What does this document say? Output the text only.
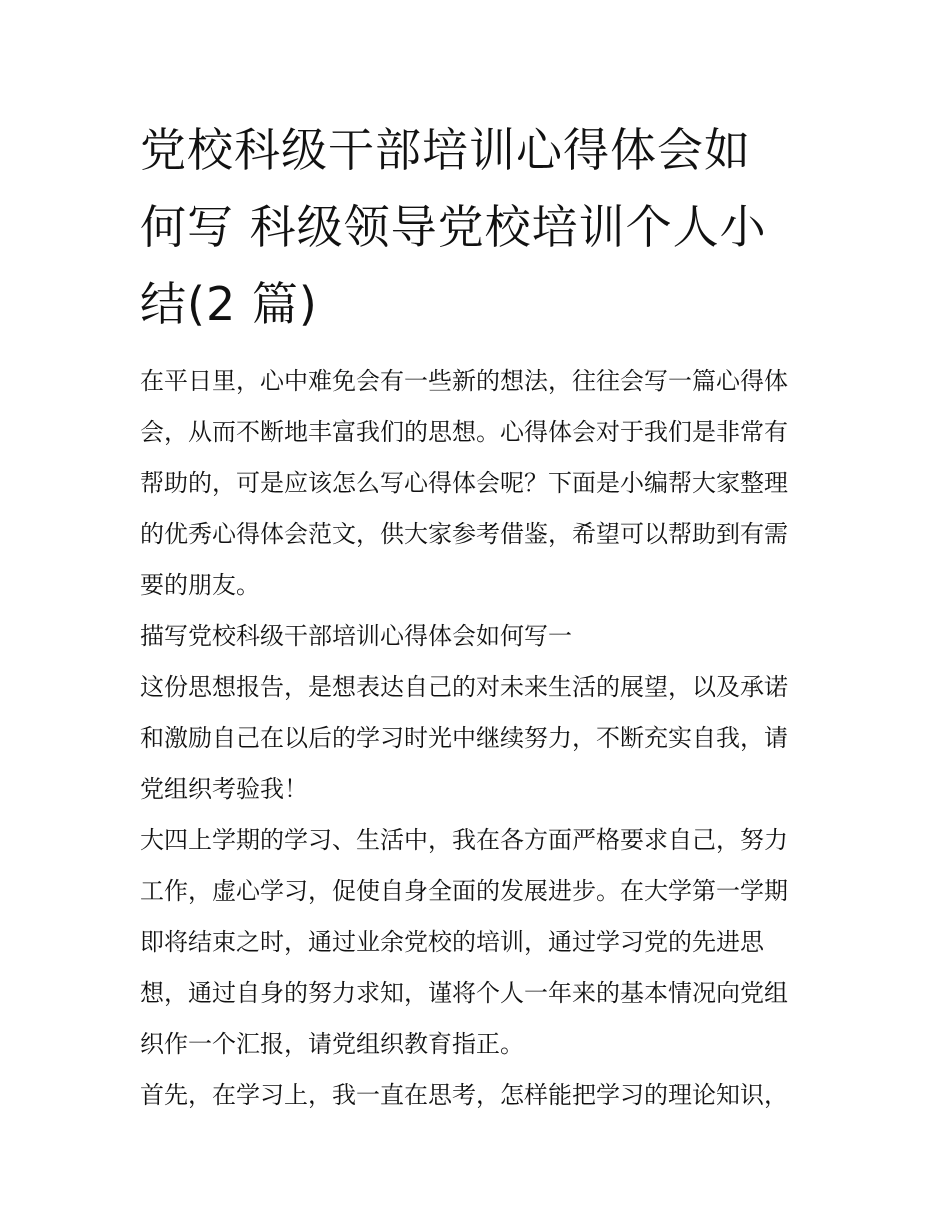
党校科级干部培训心得体会如
何写 科级领导党校培训个人小
结(2 篇)

在平日里，心中难免会有一些新的想法，往往会写一篇心得体
会，从而不断地丰富我们的思想。心得体会对于我们是非常有
帮助的，可是应该怎么写心得体会呢？下面是小编帮大家整理
的优秀心得体会范文，供大家参考借鉴，希望可以帮助到有需
要的朋友。

描写党校科级干部培训心得体会如何写一

这份思想报告，是想表达自己的对未来生活的展望，以及承诺
和激励自己在以后的学习时光中继续努力，不断充实自我，请
党组织考验我！

大四上学期的学习、生活中，我在各方面严格要求自己，努力
工作，虚心学习，促使自身全面的发展进步。在大学第一学期
即将结束之时，通过业余党校的培训，通过学习党的先进思
想，通过自身的努力求知，谨将个人一年来的基本情况向党组
织作一个汇报，请党组织教育指正。

首先，在学习上，我一直在思考，怎样能把学习的理论知识，
